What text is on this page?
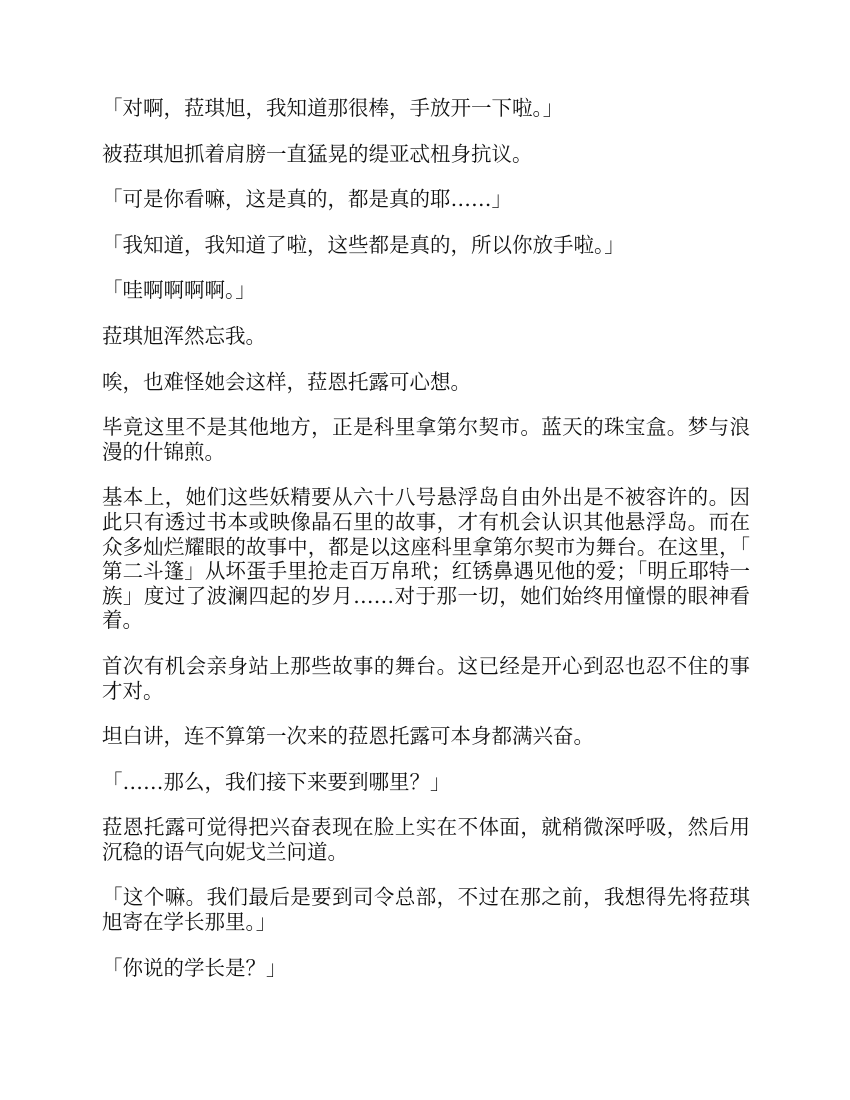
「对啊，菈琪旭，我知道那很棒，手放开一下啦。」

被菈琪旭抓着肩膀一直猛晃的缇亚忒杻身抗议。

「可是你看嘛，这是真的，都是真的耶……」

「我知道，我知道了啦，这些都是真的，所以你放手啦。」

「哇啊啊啊啊。」

菈琪旭浑然忘我。

唉，也难怪她会这样，菈恩托露可心想。

毕竟这里不是其他地方，正是科里拿第尔契市。蓝天的珠宝盒。梦与浪漫的什锦煎。

基本上，她们这些妖精要从六十八号悬浮岛自由外出是不被容许的。因此只有透过书本或映像晶石里的故事，才有机会认识其他悬浮岛。而在众多灿烂耀眼的故事中，都是以这座科里拿第尔契市为舞台。在这里，「第二斗篷」从坏蛋手里抢走百万帛玳；红锈鼻遇见他的爱；「明丘耶特一族」度过了波澜四起的岁月……对于那一切，她们始终用憧憬的眼神看着。

首次有机会亲身站上那些故事的舞台。这已经是开心到忍也忍不住的事才对。

坦白讲，连不算第一次来的菈恩托露可本身都满兴奋。

「……那么，我们接下来要到哪里？」

菈恩托露可觉得把兴奋表现在脸上实在不体面，就稍微深呼吸，然后用沉稳的语气向妮戈兰问道。

「这个嘛。我们最后是要到司令总部，不过在那之前，我想得先将菈琪旭寄在学长那里。」

「你说的学长是？」
